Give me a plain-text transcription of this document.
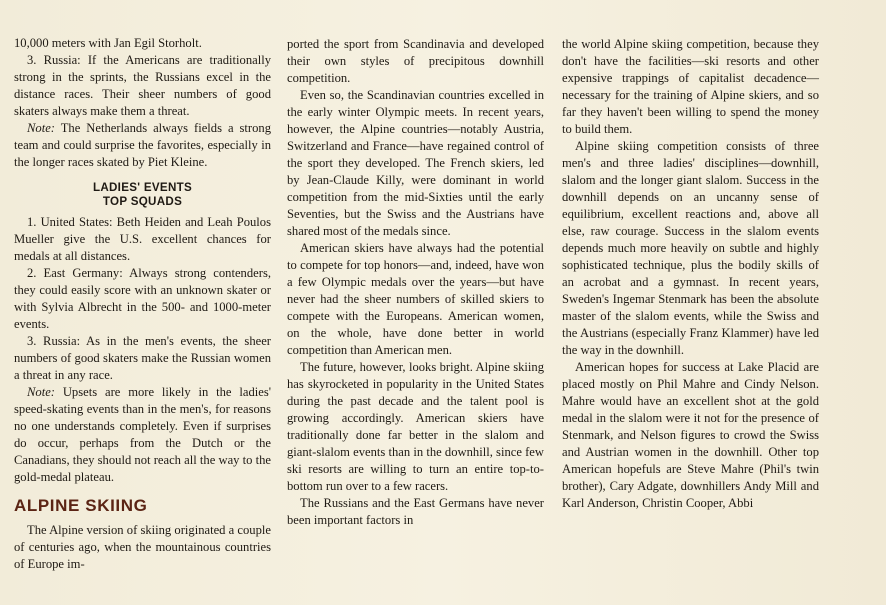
10,000 meters with Jan Egil Storholt.

3. Russia: If the Americans are traditionally strong in the sprints, the Russians excel in the distance races. Their sheer numbers of good skaters always make them a threat.

Note: The Netherlands always fields a strong team and could surprise the favorites, especially in the longer races skated by Piet Kleine.

LADIES' EVENTS
TOP SQUADS

1. United States: Beth Heiden and Leah Poulos Mueller give the U.S. excellent chances for medals at all distances.

2. East Germany: Always strong contenders, they could easily score with an unknown skater or with Sylvia Albrecht in the 500- and 1000-meter events.

3. Russia: As in the men's events, the sheer numbers of good skaters make the Russian women a threat in any race.

Note: Upsets are more likely in the ladies' speed-skating events than in the men's, for reasons no one understands completely. Even if surprises do occur, perhaps from the Dutch or the Canadians, they should not reach all the way to the gold-medal plateau.

ALPINE SKIING

The Alpine version of skiing originated a couple of centuries ago, when the mountainous countries of Europe im-

ported the sport from Scandinavia and developed their own styles of precipitous downhill competition.

Even so, the Scandinavian countries excelled in the early winter Olympic meets. In recent years, however, the Alpine countries—notably Austria, Switzerland and France—have regained control of the sport they developed. The French skiers, led by Jean-Claude Killy, were dominant in world competition from the mid-Sixties until the early Seventies, but the Swiss and the Austrians have shared most of the medals since.

American skiers have always had the potential to compete for top honors—and, indeed, have won a few Olympic medals over the years—but have never had the sheer numbers of skilled skiers to compete with the Europeans. American women, on the whole, have done better in world competition than American men.

The future, however, looks bright. Alpine skiing has skyrocketed in popularity in the United States during the past decade and the talent pool is growing accordingly. American skiers have traditionally done far better in the slalom and giant-slalom events than in the downhill, since few ski resorts are willing to turn an entire top-to-bottom run over to a few racers.

The Russians and the East Germans have never been important factors in

the world Alpine skiing competition, because they don't have the facilities—ski resorts and other expensive trappings of capitalist decadence—necessary for the training of Alpine skiers, and so far they haven't been willing to spend the money to build them.

Alpine skiing competition consists of three men's and three ladies' disciplines—downhill, slalom and the longer giant slalom. Success in the downhill depends on an uncanny sense of equilibrium, excellent reactions and, above all else, raw courage. Success in the slalom events depends much more heavily on subtle and highly sophisticated technique, plus the bodily skills of an acrobat and a gymnast. In recent years, Sweden's Ingemar Stenmark has been the absolute master of the slalom events, while the Swiss and the Austrians (especially Franz Klammer) have led the way in the downhill.

American hopes for success at Lake Placid are placed mostly on Phil Mahre and Cindy Nelson. Mahre would have an excellent shot at the gold medal in the slalom were it not for the presence of Stenmark, and Nelson figures to crowd the Swiss and Austrian women in the downhill. Other top American hopefuls are Steve Mahre (Phil's twin brother), Cary Adgate, downhillers Andy Mill and Karl Anderson, Christin Cooper, Abbi
